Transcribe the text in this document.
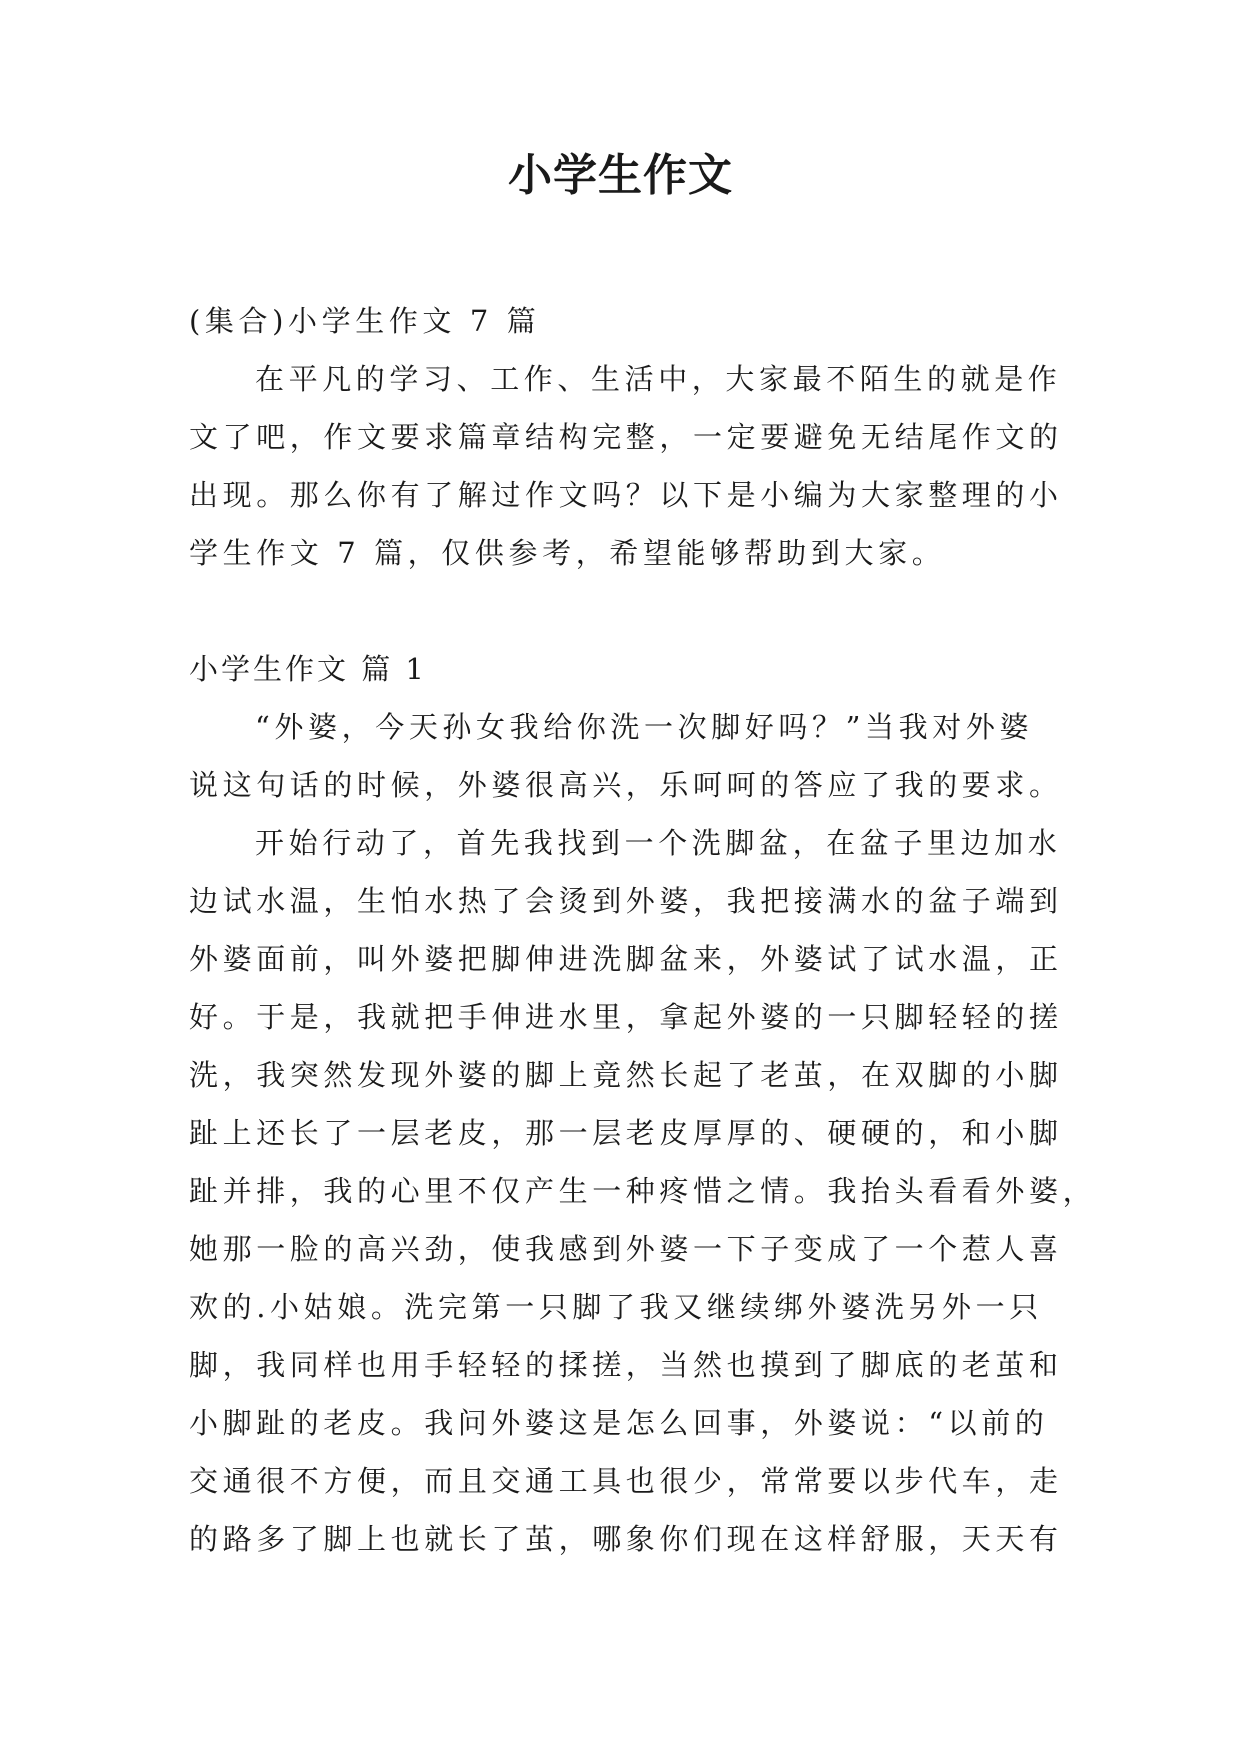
小学生作文
(集合)小学生作文 7 篇
在平凡的学习、工作、生活中，大家最不陌生的就是作
文了吧，作文要求篇章结构完整，一定要避免无结尾作文的
出现。那么你有了解过作文吗？以下是小编为大家整理的小
学生作文 7 篇，仅供参考，希望能够帮助到大家。
小学生作文 篇 1
“外婆，今天孙女我给你洗一次脚好吗？”当我对外婆
说这句话的时候，外婆很高兴，乐呵呵的答应了我的要求。
开始行动了，首先我找到一个洗脚盆，在盆子里边加水
边试水温，生怕水热了会烫到外婆，我把接满水的盆子端到
外婆面前，叫外婆把脚伸进洗脚盆来，外婆试了试水温，正
好。于是，我就把手伸进水里，拿起外婆的一只脚轻轻的搓
洗，我突然发现外婆的脚上竟然长起了老茧，在双脚的小脚
趾上还长了一层老皮，那一层老皮厚厚的、硬硬的，和小脚
趾并排，我的心里不仅产生一种疼惜之情。我抬头看看外婆，
她那一脸的高兴劲，使我感到外婆一下子变成了一个惹人喜
欢的.小姑娘。洗完第一只脚了我又继续绑外婆洗另外一只
脚，我同样也用手轻轻的揉搓，当然也摸到了脚底的老茧和
小脚趾的老皮。我问外婆这是怎么回事，外婆说：“以前的
交通很不方便，而且交通工具也很少，常常要以步代车，走
的路多了脚上也就长了茧，哪象你们现在这样舒服，天天有
